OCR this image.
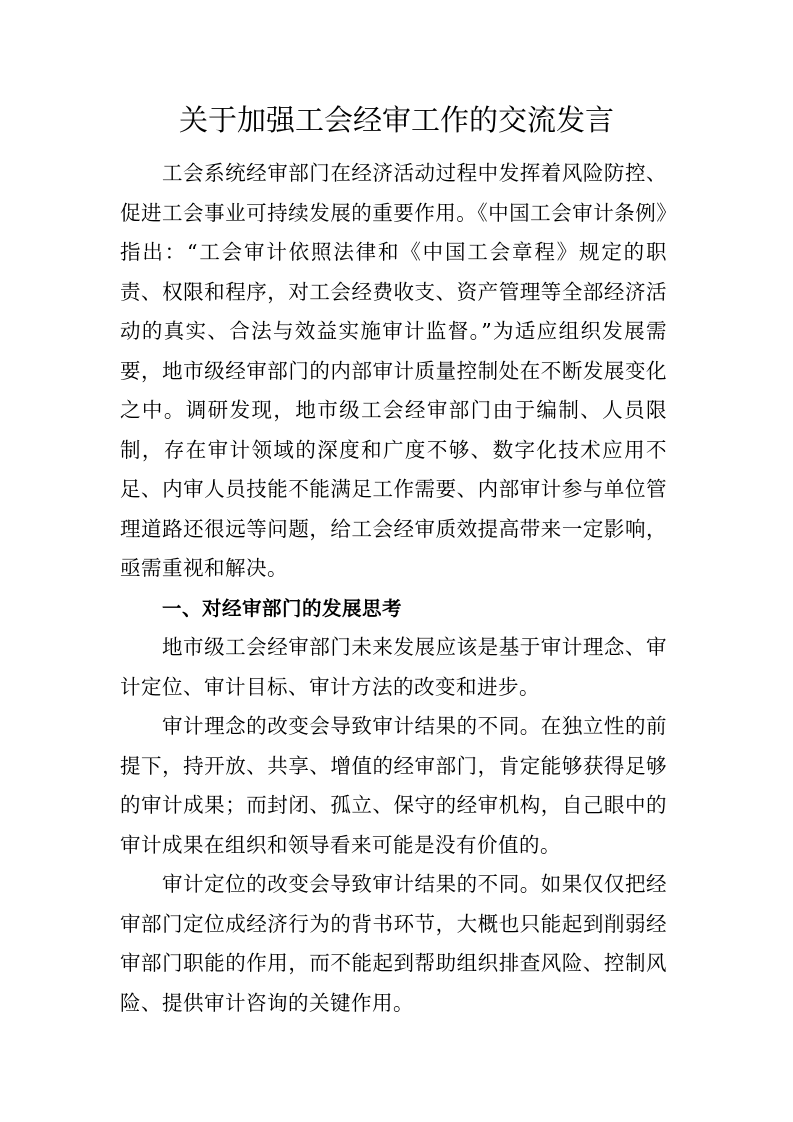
关于加强工会经审工作的交流发言

工会系统经审部门在经济活动过程中发挥着风险防控、促进工会事业可持续发展的重要作用。《中国工会审计条例》指出：“工会审计依照法律和《中国工会章程》规定的职责、权限和程序，对工会经费收支、资产管理等全部经济活动的真实、合法与效益实施审计监督。”为适应组织发展需要，地市级经审部门的内部审计质量控制处在不断发展变化之中。调研发现，地市级工会经审部门由于编制、人员限制，存在审计领域的深度和广度不够、数字化技术应用不足、内审人员技能不能满足工作需要、内部审计参与单位管理道路还很远等问题，给工会经审质效提高带来一定影响，亟需重视和解决。

一、对经审部门的发展思考

地市级工会经审部门未来发展应该是基于审计理念、审计定位、审计目标、审计方法的改变和进步。

审计理念的改变会导致审计结果的不同。在独立性的前提下，持开放、共享、增值的经审部门，肯定能够获得足够的审计成果；而封闭、孤立、保守的经审机构，自己眼中的审计成果在组织和领导看来可能是没有价值的。

审计定位的改变会导致审计结果的不同。如果仅仅把经审部门定位成经济行为的背书环节，大概也只能起到削弱经审部门职能的作用，而不能起到帮助组织排查风险、控制风险、提供审计咨询的关键作用。
